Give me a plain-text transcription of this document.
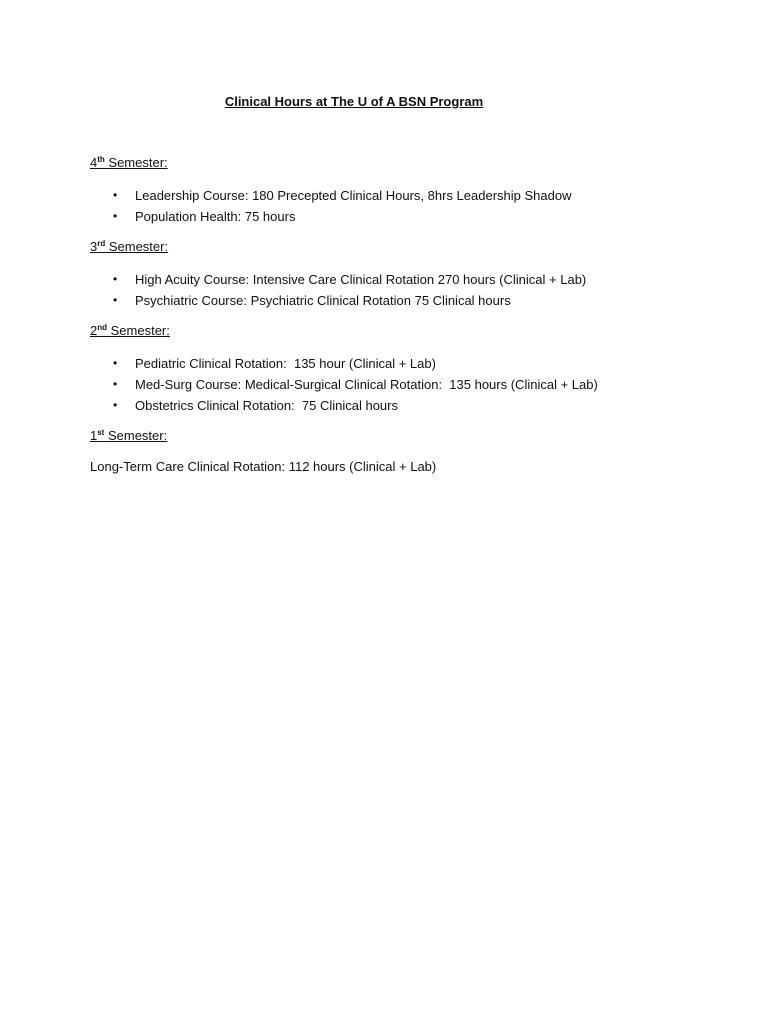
Clinical Hours at The U of A BSN Program
4th Semester:

•

Leadership Course: 180 Precepted Clinical Hours, 8hrs Leadership Shadow

•

Population Health: 75 hours

3rd Semester:

•

High Acuity Course: Intensive Care Clinical Rotation 270 hours (Clinical + Lab)

•

Psychiatric Course: Psychiatric Clinical Rotation 75 Clinical hours

2nd Semester:

•

Pediatric Clinical Rotation:  135 hour (Clinical + Lab)

•

Med-Surg Course: Medical-Surgical Clinical Rotation:  135 hours (Clinical + Lab)

•

Obstetrics Clinical Rotation:  75 Clinical hours

1st Semester:
Long-Term Care Clinical Rotation: 112 hours (Clinical + Lab)
